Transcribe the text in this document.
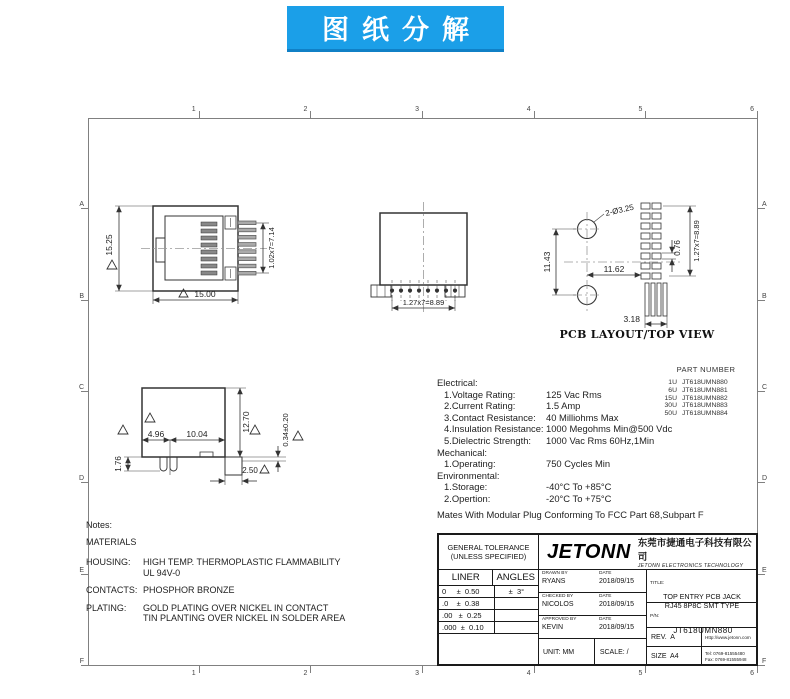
图纸分解
1	2	3	4	5	6
1	2	3	4	5	6
A
B
C
D
E
F
A
B
C
D
E
F
15.25	1.02x7=7.14
15.00
1.27x7=8.89
2-Ø3.25
11.43	11.62
0.76
3.18
1.27x7=8.89
PCB LAYOUT/TOP VIEW
1.76
4.96	10.04
12.70	0.34±0.20
2.50
PART NUMBER
1U JT618UMN880
6U JT618UMN881
15U JT618UMN882
30U JT618UMN883
50U JT618UMN884
Electrical:
1.Voltage Rating:	125 Vac Rms
2.Current Rating:	1.5 Amp
3.Contact Resistance:	40 Milliohms Max
4.Insulation Resistance: 1000 Megohms Min@500 Vdc
5.Dielectric Strength:	1000 Vac Rms 60Hz,1Min
Mechanical:
1.Operating:	750 Cycles Min
Environmental:
1.Storage:	-40°C To +85°C
2.Opertion:	-20°C To +75°C
Mates With Modular Plug Conforming To FCC Part 68,Subpart F
Notes:
MATERIALS
HOUSING:	HIGH TEMP. THERMOPLASTIC FLAMMABILITY
UL 94V-0
CONTACTS: PHOSPHOR BRONZE
PLATING:	GOLD PLATING OVER NICKEL IN CONTACT
TIN PLANTING OVER NICKEL IN SOLDER AREA
GENERAL TOLERANCE
(UNLESS SPECIFIED)
LINER	ANGLES
0     ±  0.50	±  3°
.0    ±  0.38
.00   ±  0.25
.000  ±  0.10
JETONN 东莞市捷通电子科技有限公司
JETONN ELECTRONICS TECHNOLOGY
DRAWN BY
RYANS
DATE
2018/09/15
CHECKED BY
NICOLOS
DATE
2018/09/15
APPROVED BY
KEVIN
DATE
2018/09/15
UNIT: MM	SCALE: /
TITLE:
TOP ENTRY PCB JACK
RJ45 8P8C SMT TYPE
P/N:
JT618UMN880
REV.  A
SIZE  A4
Http://www.jetonn.com
Tel: 0769-81555480
Fax: 0769-81555948
